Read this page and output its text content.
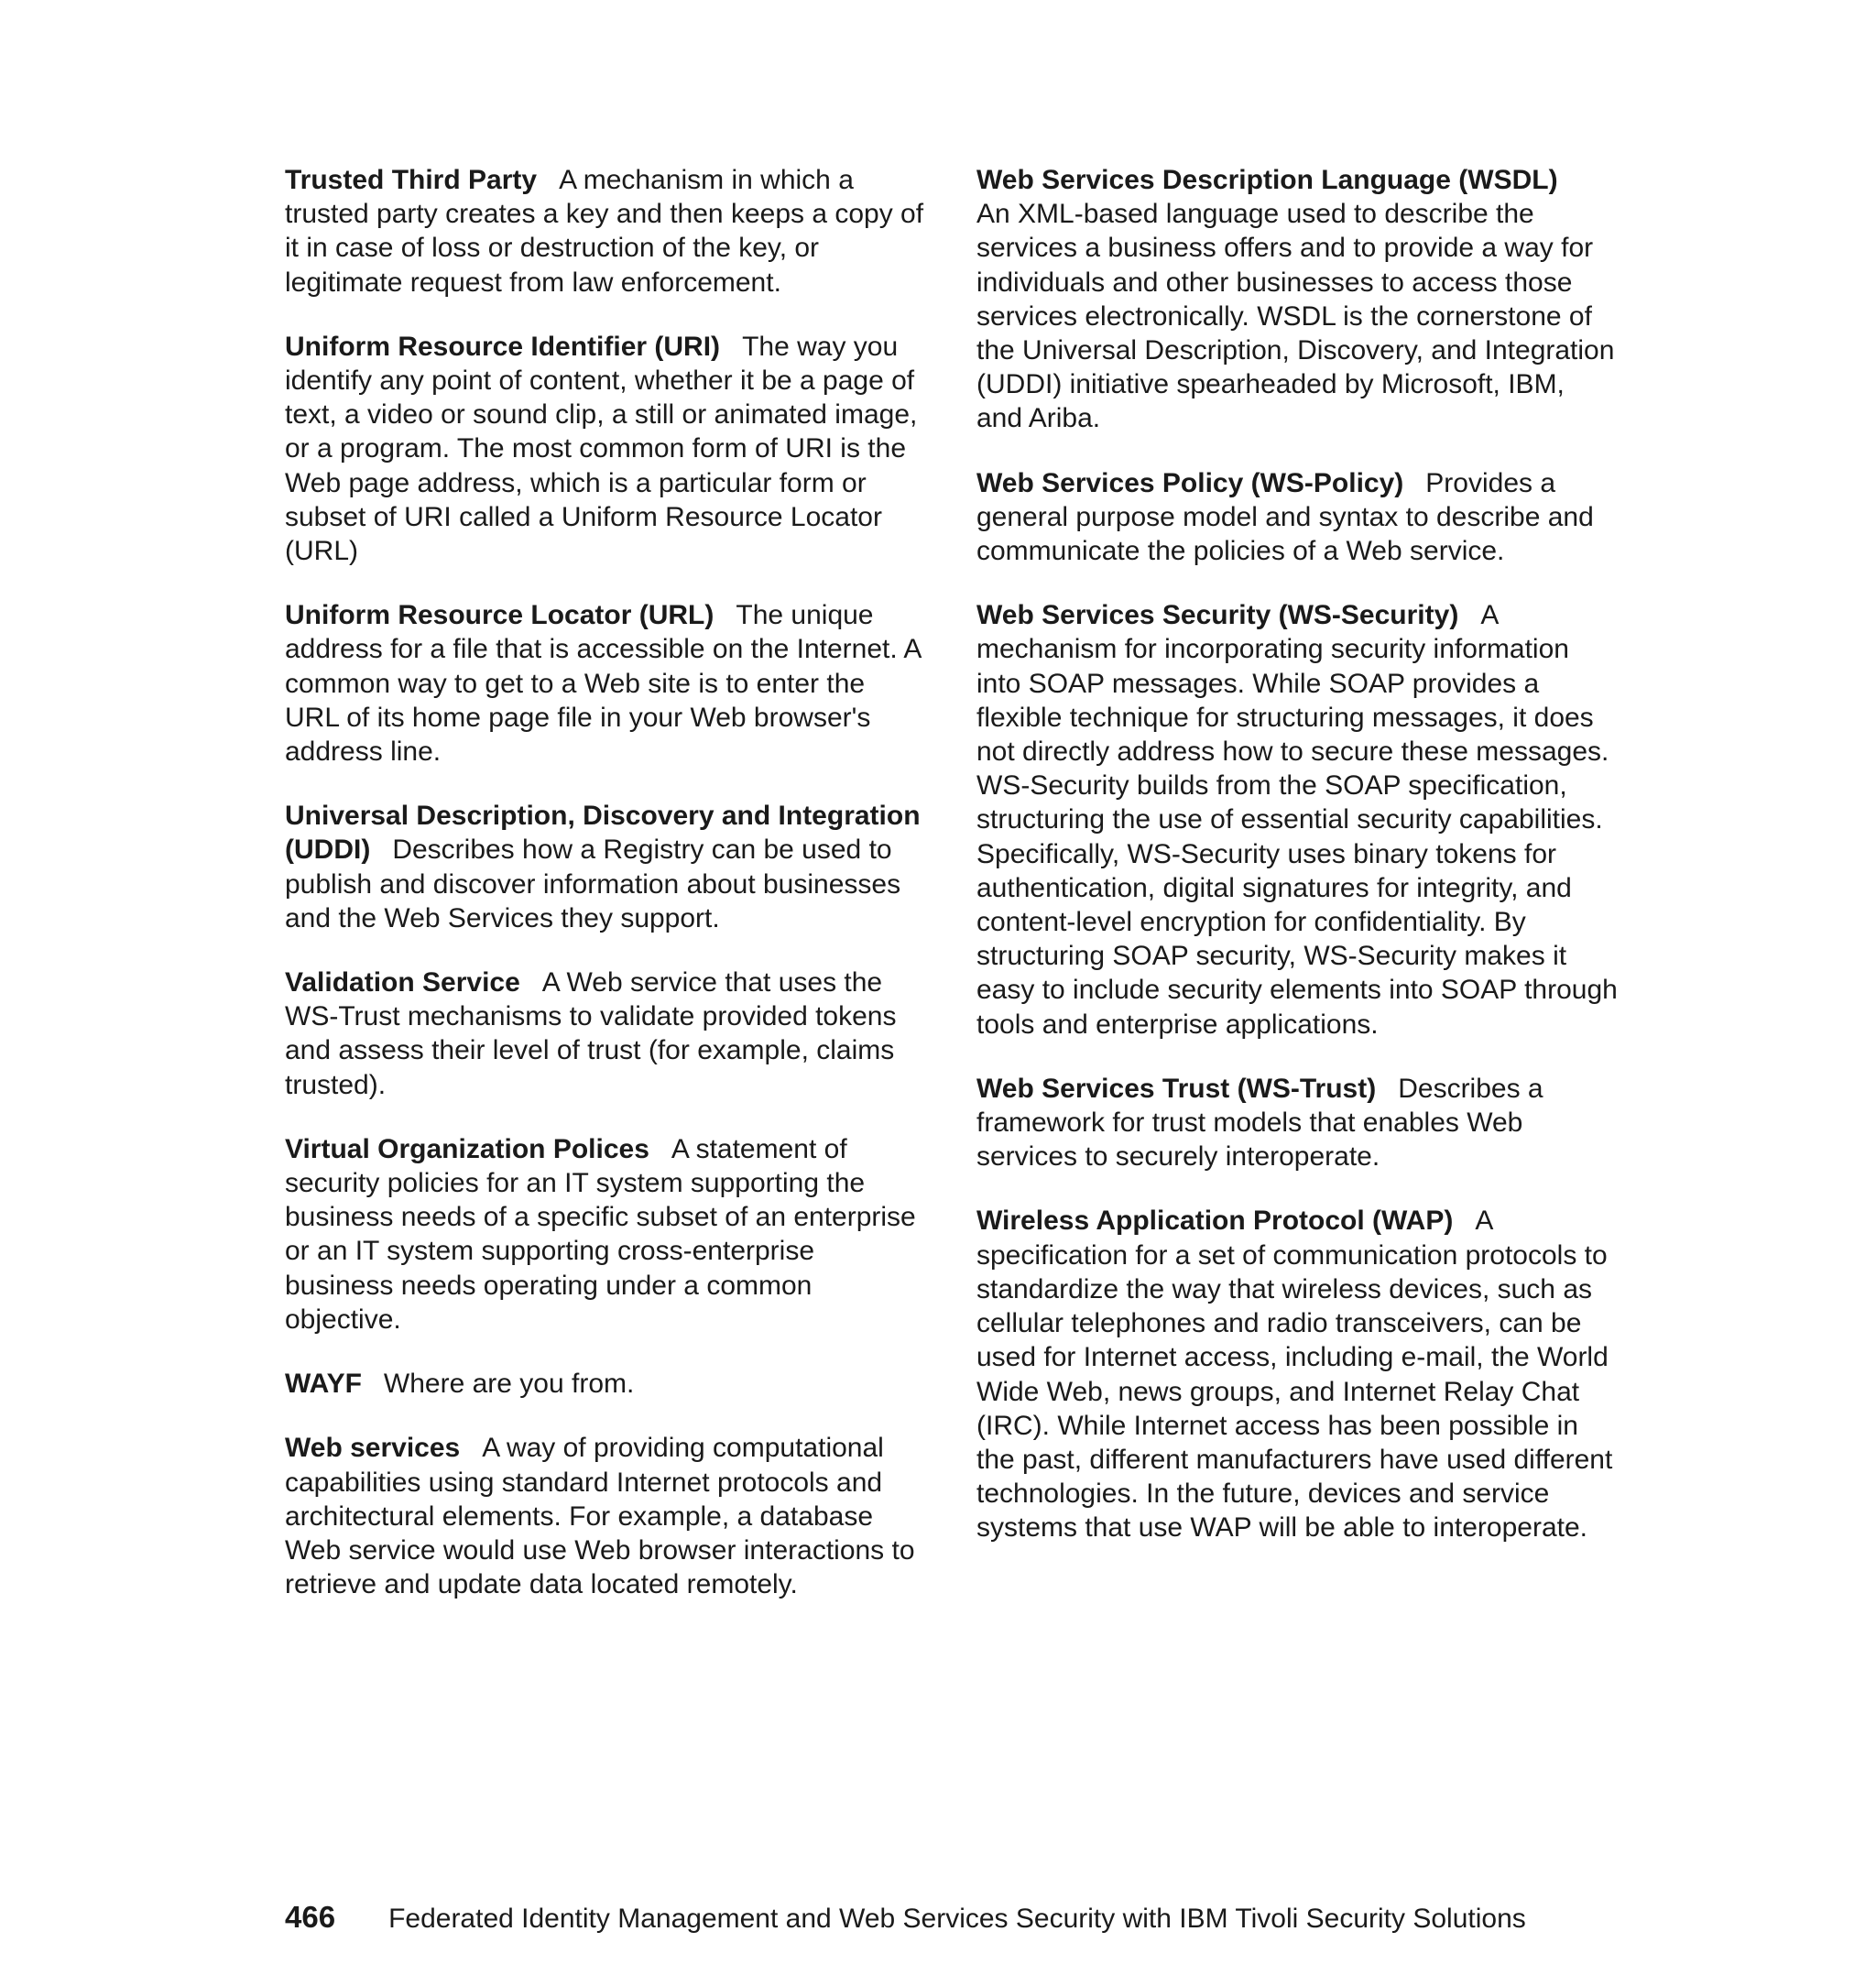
Trusted Third Party A mechanism in which a trusted party creates a key and then keeps a copy of it in case of loss or destruction of the key, or legitimate request from law enforcement.

Uniform Resource Identifier (URI) The way you identify any point of content, whether it be a page of text, a video or sound clip, a still or animated image, or a program. The most common form of URI is the Web page address, which is a particular form or subset of URI called a Uniform Resource Locator (URL)

Uniform Resource Locator (URL) The unique address for a file that is accessible on the Internet. A common way to get to a Web site is to enter the URL of its home page file in your Web browser's address line.

Universal Description, Discovery and Integration (UDDI) Describes how a Registry can be used to publish and discover information about businesses and the Web Services they support.

Validation Service A Web service that uses the WS-Trust mechanisms to validate provided tokens and assess their level of trust (for example, claims trusted).

Virtual Organization Polices A statement of security policies for an IT system supporting the business needs of a specific subset of an enterprise or an IT system supporting cross-enterprise business needs operating under a common objective.

WAYF Where are you from.

Web services A way of providing computational capabilities using standard Internet protocols and architectural elements. For example, a database Web service would use Web browser interactions to retrieve and update data located remotely.

Web Services Description Language (WSDL)
An XML-based language used to describe the services a business offers and to provide a way for individuals and other businesses to access those services electronically. WSDL is the cornerstone of the Universal Description, Discovery, and Integration (UDDI) initiative spearheaded by Microsoft, IBM, and Ariba.

Web Services Policy (WS-Policy) Provides a general purpose model and syntax to describe and communicate the policies of a Web service.

Web Services Security (WS-Security) A mechanism for incorporating security information into SOAP messages. While SOAP provides a flexible technique for structuring messages, it does not directly address how to secure these messages. WS-Security builds from the SOAP specification, structuring the use of essential security capabilities. Specifically, WS-Security uses binary tokens for authentication, digital signatures for integrity, and content-level encryption for confidentiality. By structuring SOAP security, WS-Security makes it easy to include security elements into SOAP through tools and enterprise applications.

Web Services Trust (WS-Trust) Describes a framework for trust models that enables Web services to securely interoperate.

Wireless Application Protocol (WAP) A specification for a set of communication protocols to standardize the way that wireless devices, such as cellular telephones and radio transceivers, can be used for Internet access, including e-mail, the World Wide Web, news groups, and Internet Relay Chat (IRC). While Internet access has been possible in the past, different manufacturers have used different technologies. In the future, devices and service systems that use WAP will be able to interoperate.

466 Federated Identity Management and Web Services Security with IBM Tivoli Security Solutions
